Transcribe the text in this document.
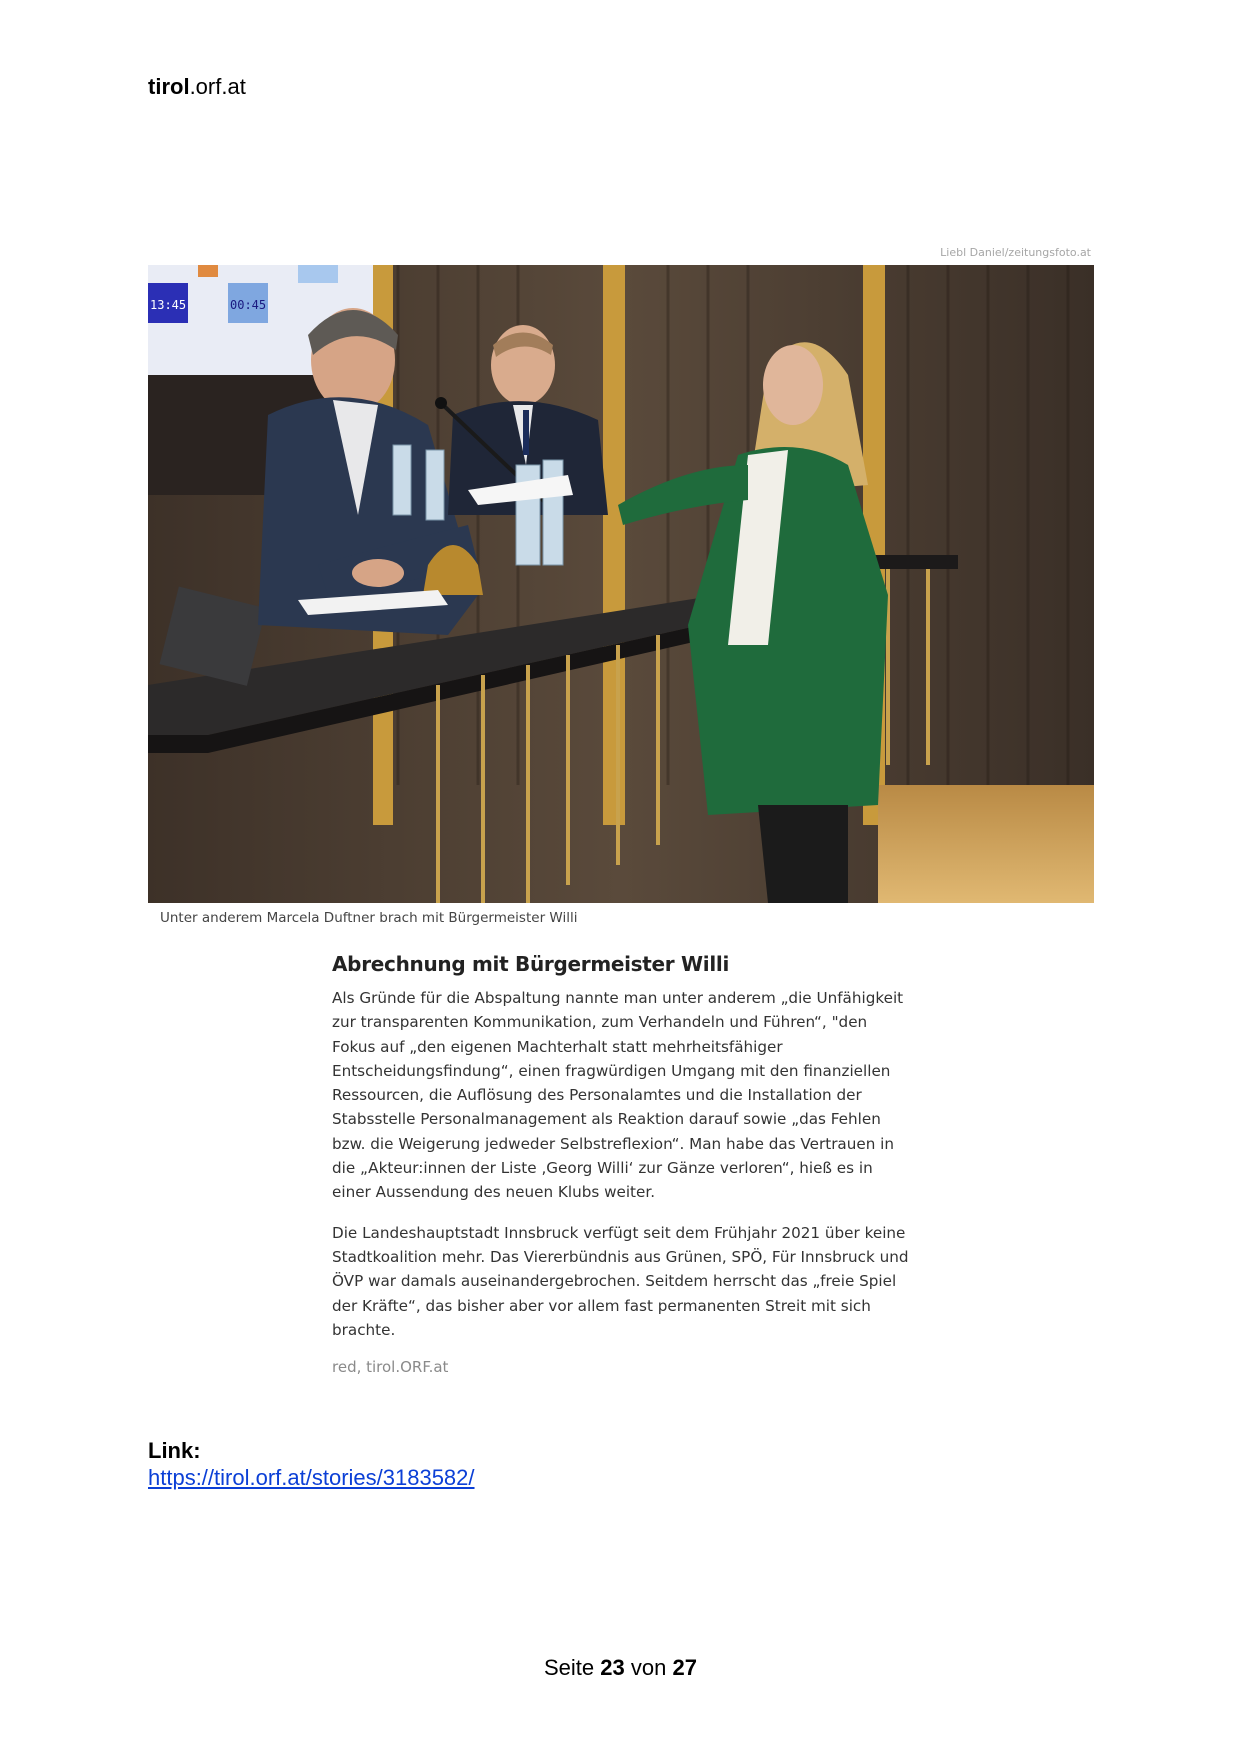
tirol.orf.at
Liebl Daniel/zeitungsfoto.at
13:45	00:45
Unter anderem Marcela Duftner brach mit Bürgermeister Willi
Abrechnung mit Bürgermeister Willi

Als Gründe für die Abspaltung nannte man unter anderem „die Unfähigkeit zur transparenten Kommunikation, zum Verhandeln und Führen“, "den Fokus auf „den eigenen Machterhalt statt mehrheitsfähiger Entscheidungsfindung“, einen fragwürdigen Umgang mit den finanziellen Ressourcen, die Auflösung des Personalamtes und die Installation der Stabsstelle Personalmanagement als Reaktion darauf sowie „das Fehlen bzw. die Weigerung jedweder Selbstreflexion“. Man habe das Vertrauen in die „Akteur:innen der Liste ‚Georg Willi‘ zur Gänze verloren“, hieß es in einer Aussendung des neuen Klubs weiter.

Die Landeshauptstadt Innsbruck verfügt seit dem Frühjahr 2021 über keine Stadtkoalition mehr. Das Viererbündnis aus Grünen, SPÖ, Für Innsbruck und ÖVP war damals auseinandergebrochen. Seitdem herrscht das „freie Spiel der Kräfte“, das bisher aber vor allem fast permanenten Streit mit sich brachte.

red, tirol.ORF.at
Link:
https://tirol.orf.at/stories/3183582/
Seite 23 von 27
